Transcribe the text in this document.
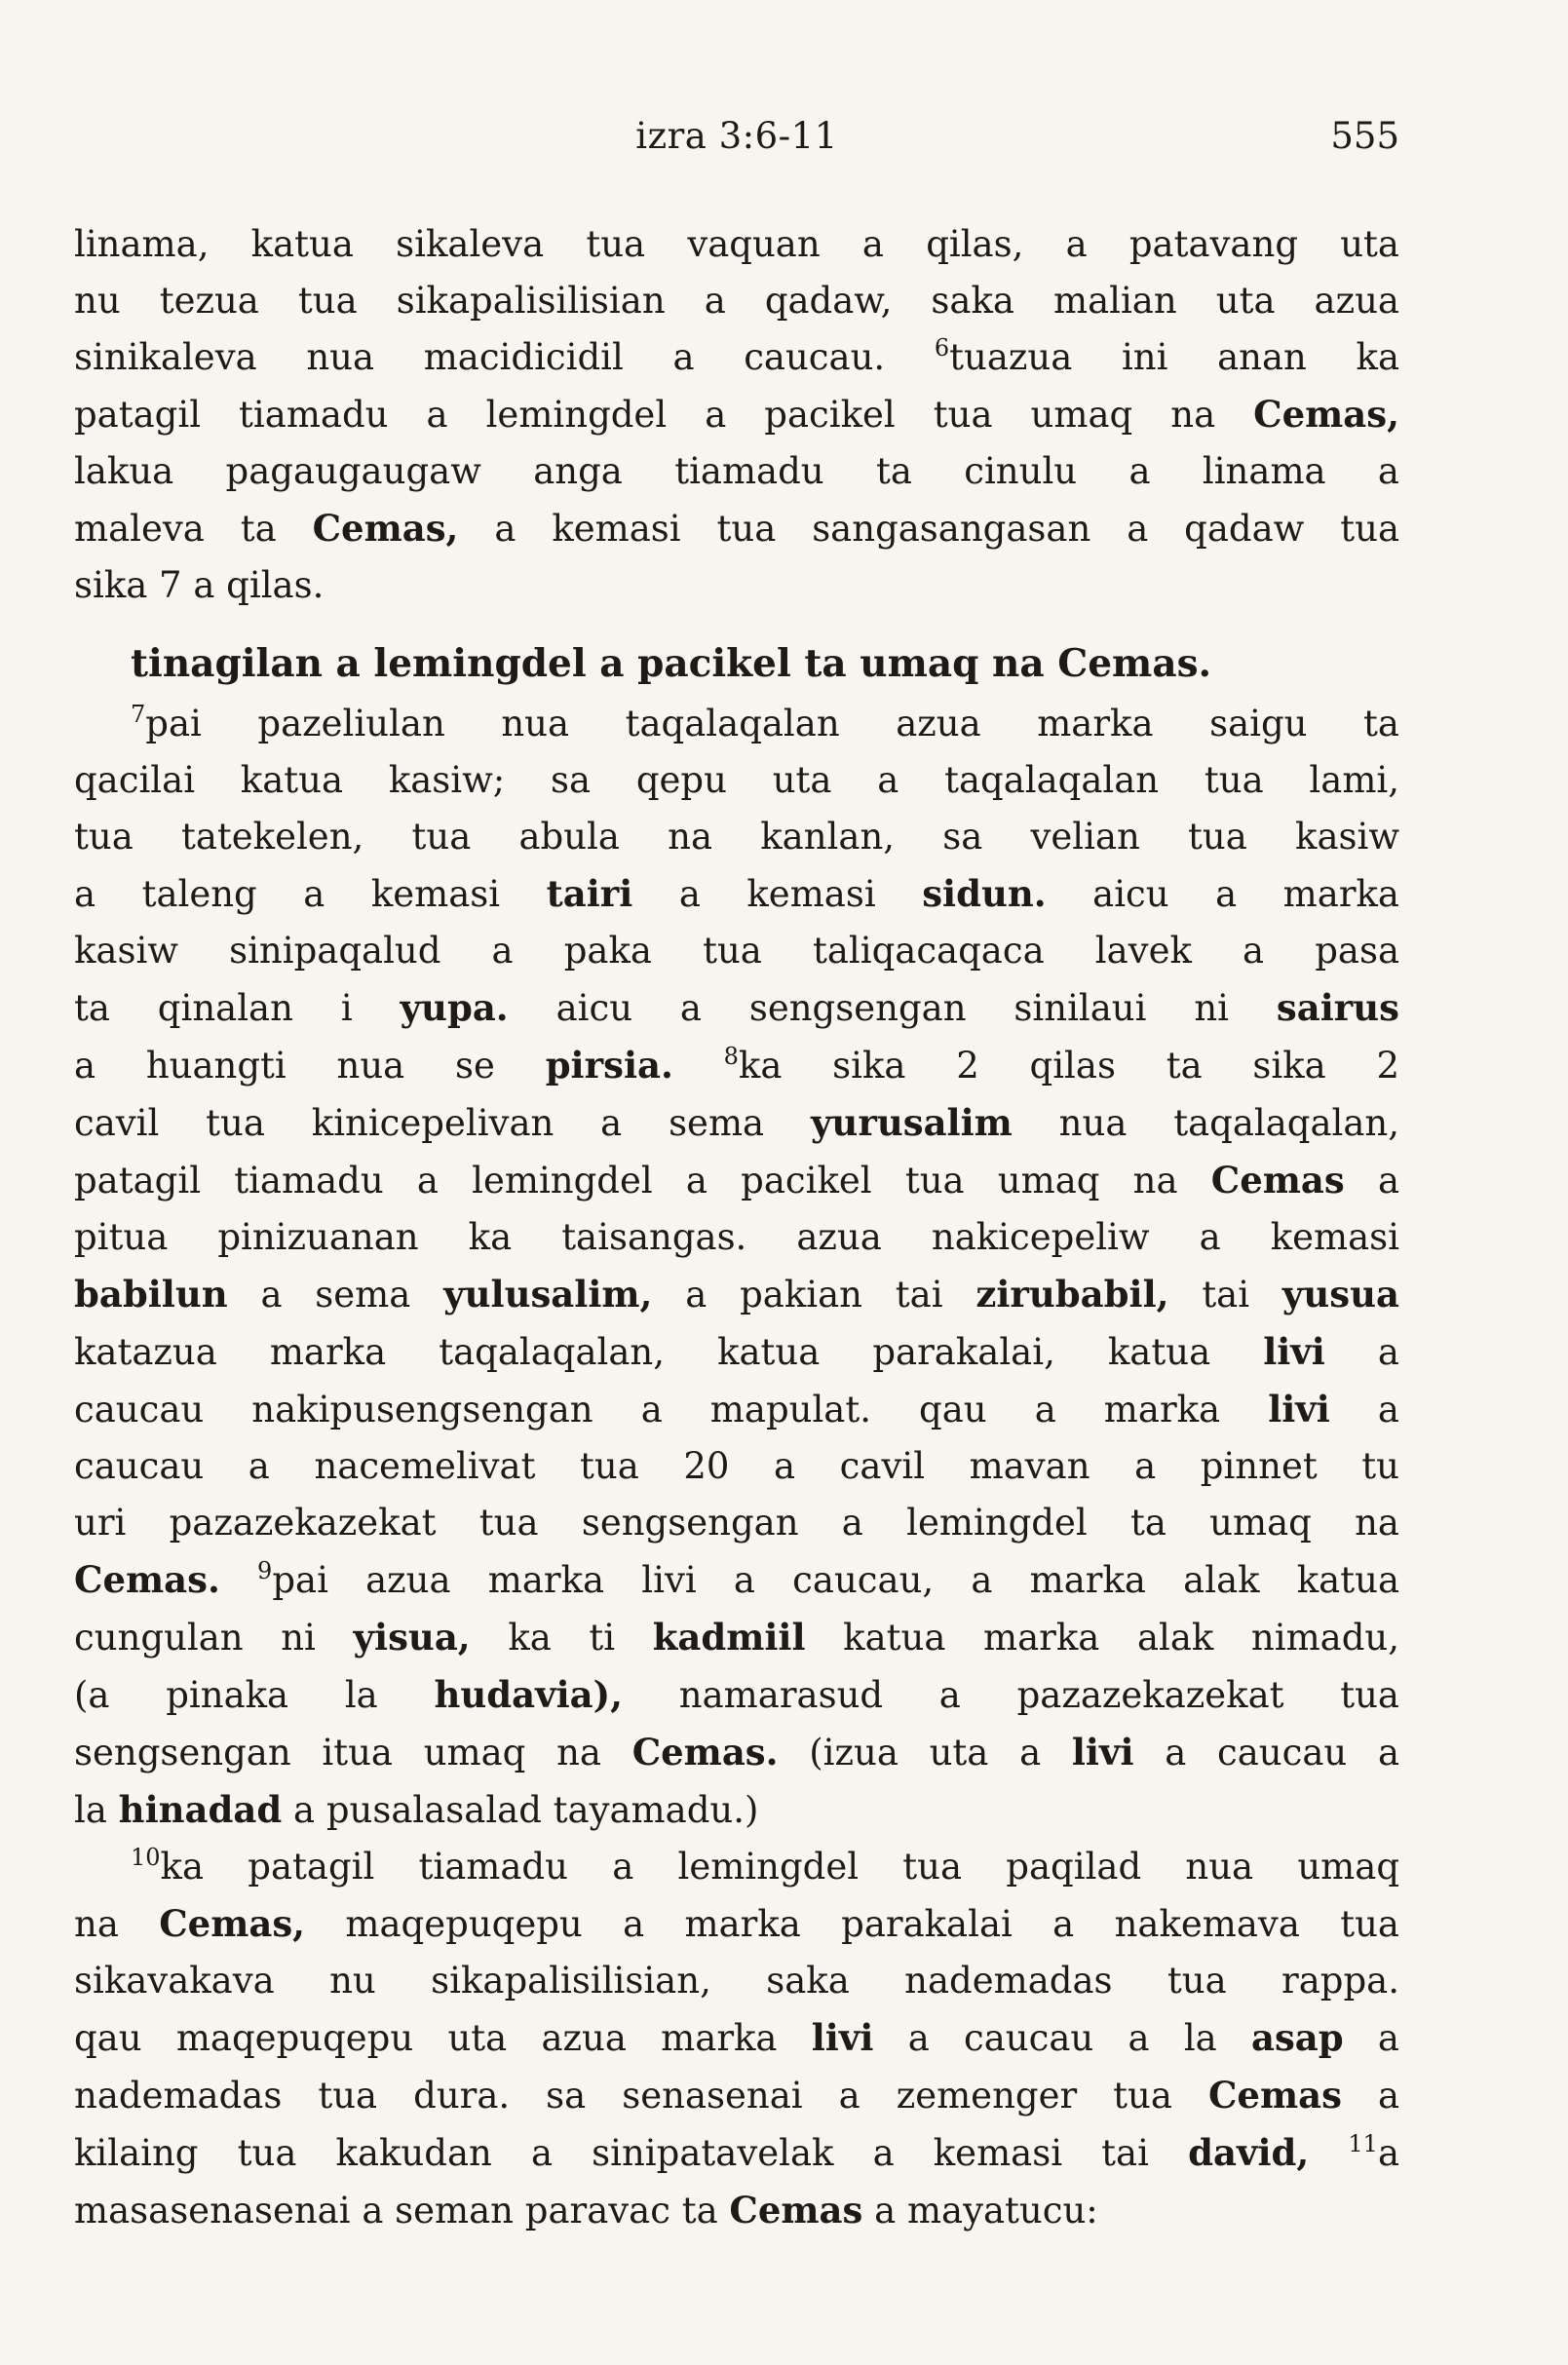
izra 3:6-11	555
linama, katua sikaleva tua vaquan a qilas, a patavang uta
nu tezua tua sikapalisilisian a qadaw, saka malian uta azua
sinikaleva nua macidicidil a caucau. $^6$tuazua ini anan ka
patagil tiamadu a lemingdel a pacikel tua umaq na Cemas,
lakua pagaugaugaw anga tiamadu ta cinulu a linama a
maleva ta Cemas, a kemasi tua sangasangasan a qadaw tua
sika 7 a qilas.
tinagilan a lemingdel a pacikel ta umaq na Cemas.
$^7$pai pazeliulan nua taqalaqalan azua marka saigu ta
qacilai katua kasiw; sa qepu uta a taqalaqalan tua lami,
tua tatekelen, tua abula na kanlan, sa velian tua kasiw
a taleng a kemasi tairi a kemasi sidun. aicu a marka
kasiw sinipaqalud a paka tua taliqacaqaca lavek a pasa
ta qinalan i yupa. aicu a sengsengan sinilaui ni sairus
a huangti nua se pirsia. $^8$ka sika 2 qilas ta sika 2
cavil tua kinicepelivan a sema yurusalim nua taqalaqalan,
patagil tiamadu a lemingdel a pacikel tua umaq na Cemas a
pitua pinizuanan ka taisangas. azua nakicepeliw a kemasi
babilun a sema yulusalim, a pakian tai zirubabil, tai yusua
katazua marka taqalaqalan, katua parakalai, katua livi a
caucau nakipusengsengan a mapulat. qau a marka livi a
caucau a nacemelivat tua 20 a cavil mavan a pinnet tu
uri pazazekazekat tua sengsengan a lemingdel ta umaq na
Cemas. $^9$pai azua marka livi a caucau, a marka alak katua
cungulan ni yisua, ka ti kadmiil katua marka alak nimadu,
(a pinaka la hudavia), namarasud a pazazekazekat tua
sengsengan itua umaq na Cemas. (izua uta a livi a caucau a
la hinadad a pusalasalad tayamadu.)
$^{10}$ka patagil tiamadu a lemingdel tua paqilad nua umaq
na Cemas, maqepuqepu a marka parakalai a nakemava tua
sikavakava nu sikapalisilisian, saka nademadas tua rappa.
qau maqepuqepu uta azua marka livi a caucau a la asap a
nademadas tua dura. sa senasenai a zemenger tua Cemas a
kilaing tua kakudan a sinipatavelak a kemasi tai david, $^{11}$a
masasenasenai a seman paravac ta Cemas a mayatucu:
